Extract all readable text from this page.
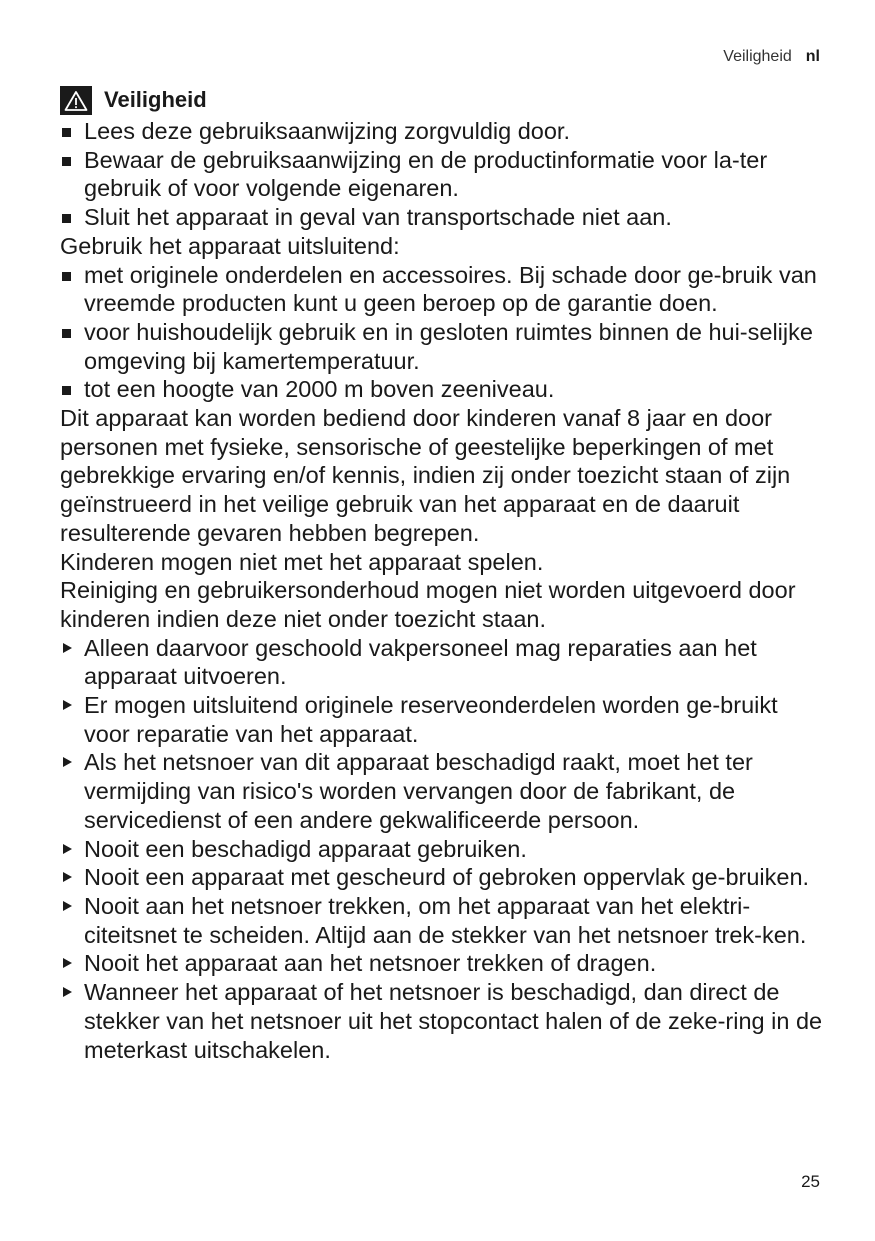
Veiligheid nl
Veiligheid
Lees deze gebruiksaanwijzing zorgvuldig door.
Bewaar de gebruiksaanwijzing en de productinformatie voor la-ter gebruik of voor volgende eigenaren.
Sluit het apparaat in geval van transportschade niet aan.

Gebruik het apparaat uitsluitend:

met originele onderdelen en accessoires. Bij schade door ge-bruik van vreemde producten kunt u geen beroep op de garantie doen.
voor huishoudelijk gebruik en in gesloten ruimtes binnen de hui-selijke omgeving bij kamertemperatuur.
tot een hoogte van 2000 m boven zeeniveau.

Dit apparaat kan worden bediend door kinderen vanaf 8 jaar en door personen met fysieke, sensorische of geestelijke beperkingen of met gebrekkige ervaring en/of kennis, indien zij onder toezicht staan of zijn geïnstrueerd in het veilige gebruik van het apparaat en de daaruit resulterende gevaren hebben begrepen.

Kinderen mogen niet met het apparaat spelen.

Reiniging en gebruikersonderhoud mogen niet worden uitgevoerd door kinderen indien deze niet onder toezicht staan.

Alleen daarvoor geschoold vakpersoneel mag reparaties aan het apparaat uitvoeren.
Er mogen uitsluitend originele reserveonderdelen worden ge-bruikt voor reparatie van het apparaat.
Als het netsnoer van dit apparaat beschadigd raakt, moet het ter vermijding van risico's worden vervangen door de fabrikant, de servicedienst of een andere gekwalificeerde persoon.
Nooit een beschadigd apparaat gebruiken.
Nooit een apparaat met gescheurd of gebroken oppervlak ge-bruiken.
Nooit aan het netsnoer trekken, om het apparaat van het elektri-citeitsnet te scheiden. Altijd aan de stekker van het netsnoer trek-ken.
Nooit het apparaat aan het netsnoer trekken of dragen.
Wanneer het apparaat of het netsnoer is beschadigd, dan direct de stekker van het netsnoer uit het stopcontact halen of de zeke-ring in de meterkast uitschakelen.
25
